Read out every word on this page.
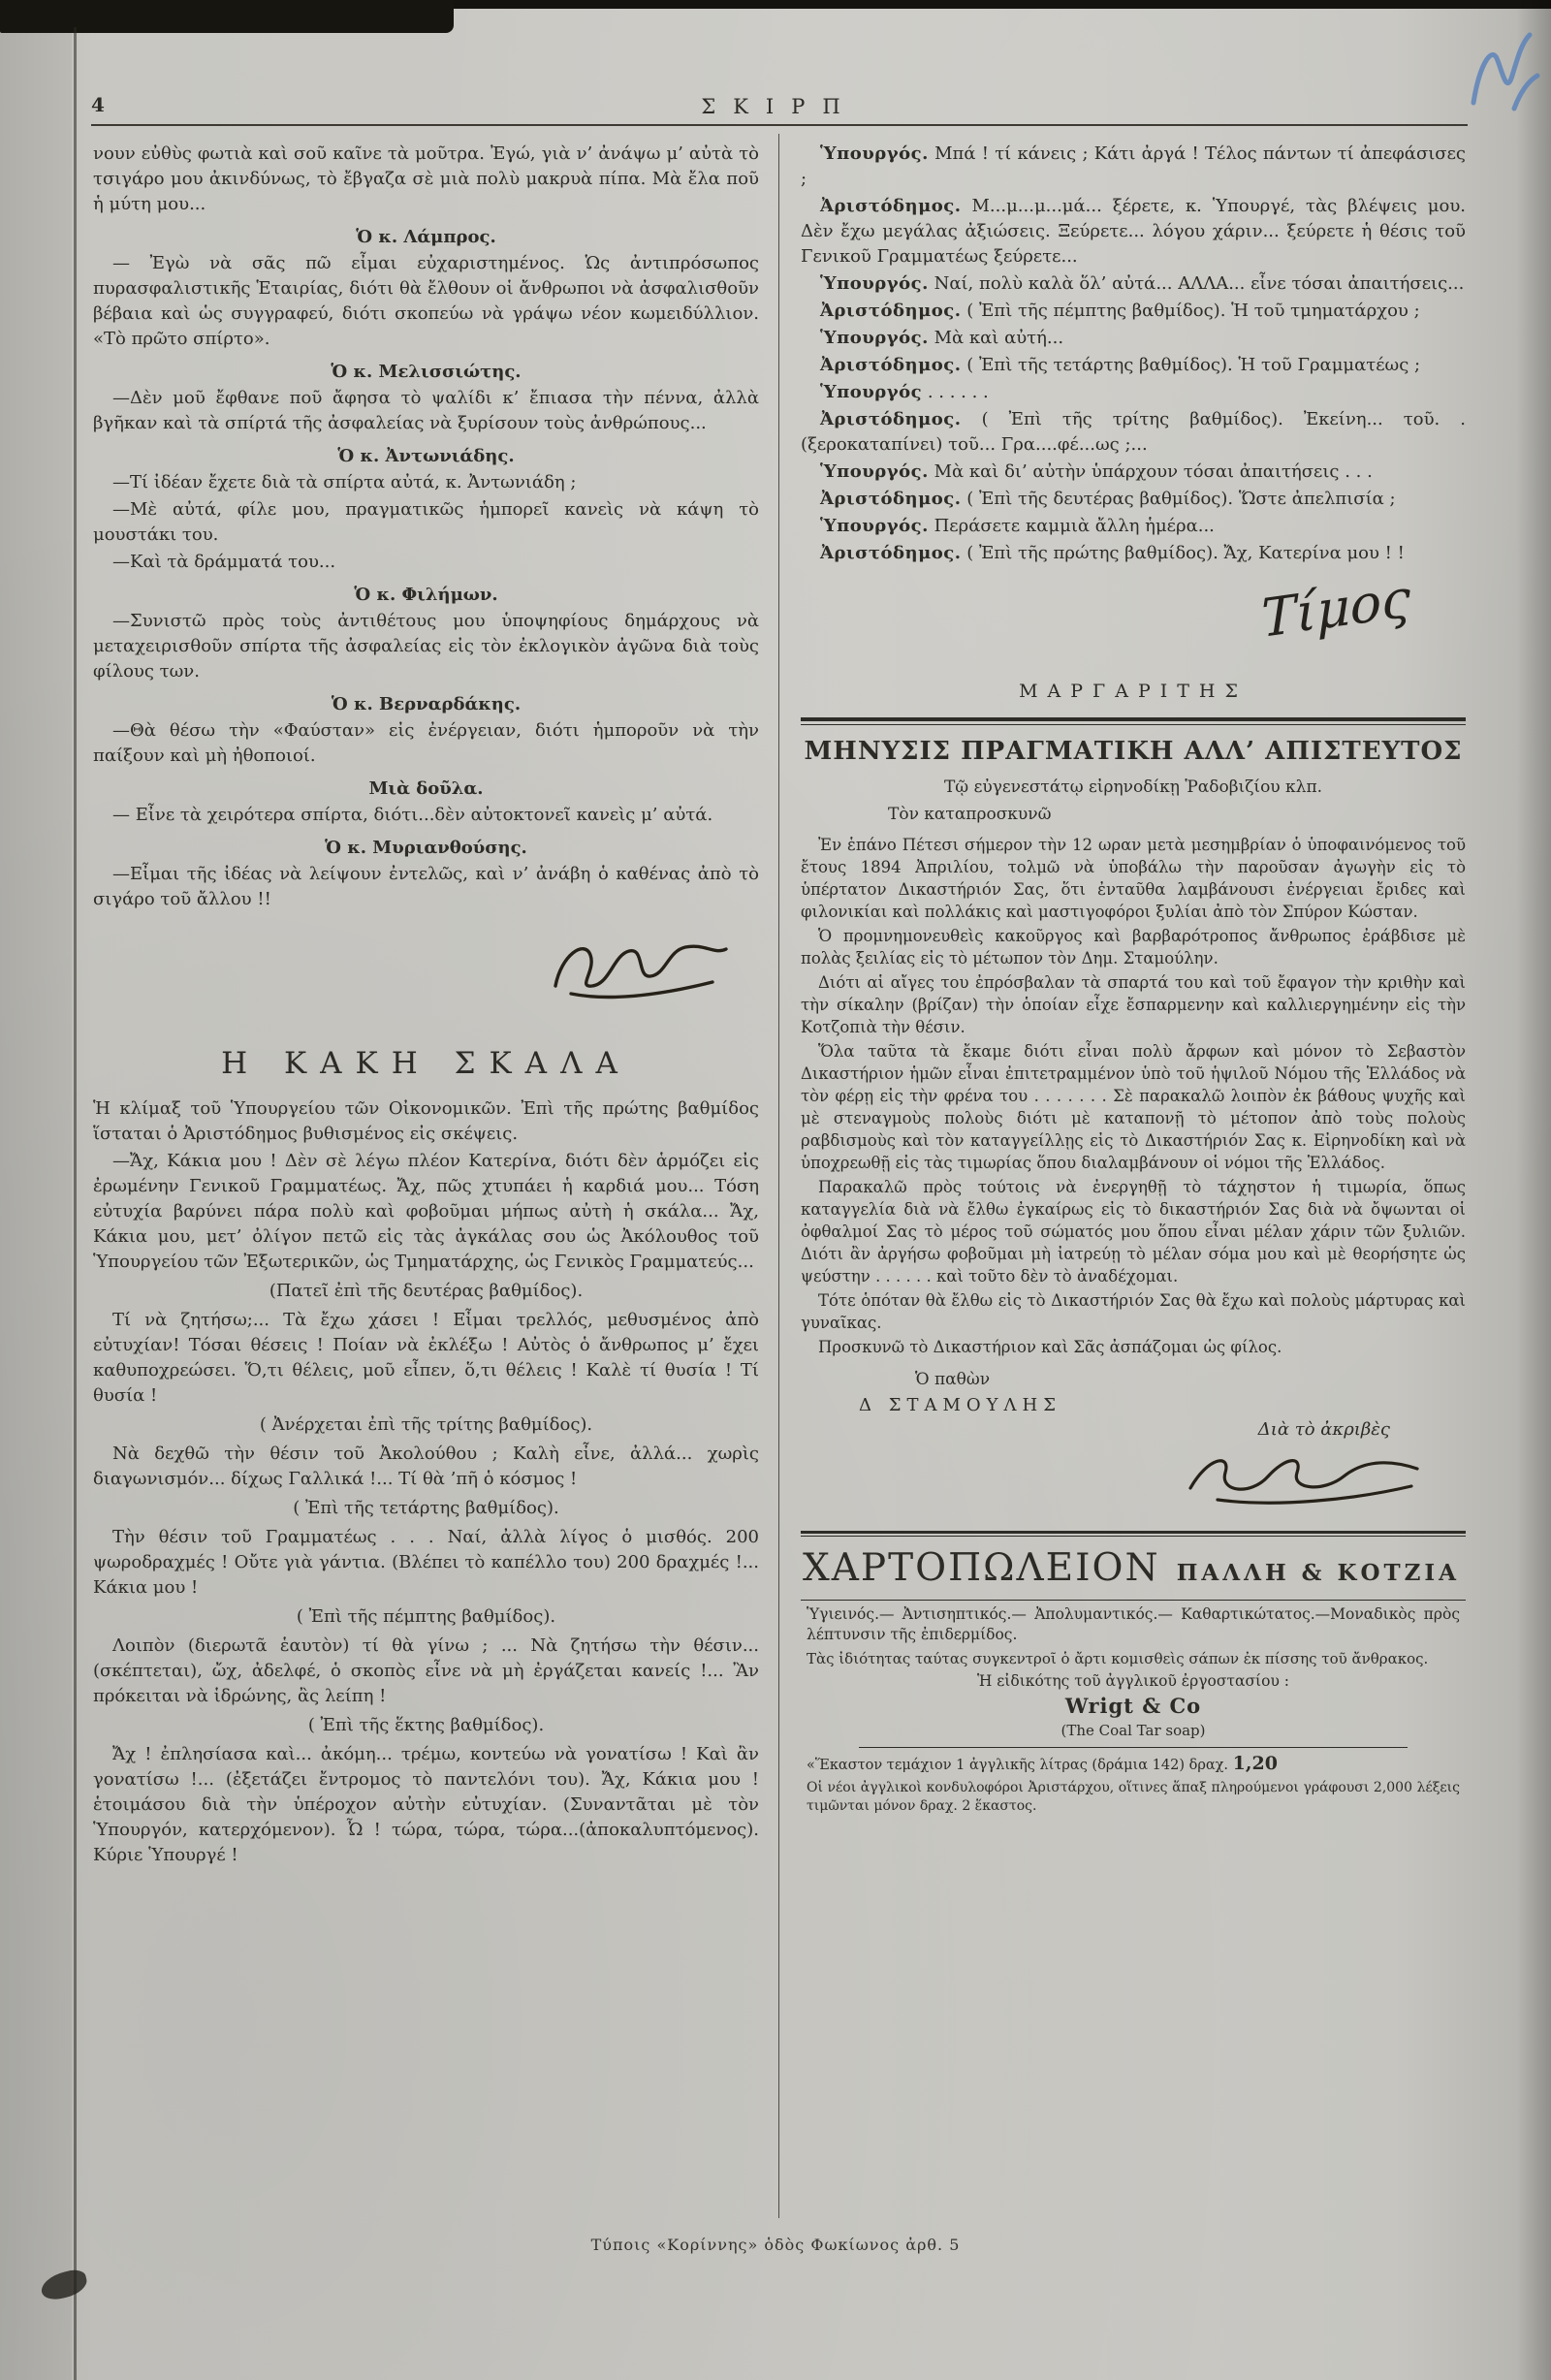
4	ΣΚΙΡΠ

νουν εὐθὺς φωτιὰ καὶ σοῦ καῖνε τὰ μοῦτρα. Ἐγώ, γιὰ ν’ ἀνάψω μ’ αὐτὰ τὸ τσιγάρο μου ἀκινδύνως, τὸ ἔβγαζα σὲ μιὰ πολὺ μακρυὰ πίπα. Μὰ ἔλα ποῦ ἡ μύτη μου...

Ὁ κ. Λάμπρος.

— Ἐγὼ νὰ σᾶς πῶ εἶμαι εὐχαριστημένος. Ὡς ἀντιπρόσωπος πυρασφαλιστικῆς Ἑταιρίας, διότι θὰ ἔλθουν οἱ ἄνθρωποι νὰ ἀσφαλισθοῦν βέβαια καὶ ὡς συγγραφεύ, διότι σκοπεύω νὰ γράψω νέον κωμειδύλλιον. «Τὸ πρῶτο σπίρτο».

Ὁ κ. Μελισσιώτης.

—Δὲν μοῦ ἔφθανε ποῦ ἄφησα τὸ ψαλίδι κ’ ἔπιασα τὴν πέννα, ἀλλὰ βγῆκαν καὶ τὰ σπίρτά τῆς ἀσφαλείας νὰ ξυρίσουν τοὺς ἀνθρώπους...

Ὁ κ. Ἀντωνιάδης.

—Τί ἰδέαν ἔχετε διὰ τὰ σπίρτα αὐτά, κ. Ἀντωνιάδη ;

—Μὲ αὐτά, φίλε μου, πραγματικῶς ἡμπορεῖ κανεὶς νὰ κάψη τὸ μουστάκι του.

—Καὶ τὰ δράμματά του...

Ὁ κ. Φιλήμων.

—Συνιστῶ πρὸς τοὺς ἀντιθέτους μου ὑποψηφίους δημάρχους νὰ μεταχειρισθοῦν σπίρτα τῆς ἀσφαλείας εἰς τὸν ἐκλογικὸν ἀγῶνα διὰ τοὺς φίλους των.

Ὁ κ. Βερναρδάκης.

—Θὰ θέσω τὴν «Φαύσταν» εἰς ἐνέργειαν, διότι ἡμποροῦν νὰ τὴν παίξουν καὶ μὴ ἠθοποιοί.

Μιὰ δοῦλα.

— Εἶνε τὰ χειρότερα σπίρτα, διότι...δὲν αὐτοκτονεῖ κανεὶς μ’ αὐτά.

Ὁ κ. Μυριανθούσης.

—Εἶμαι τῆς ἰδέας νὰ λείψουν ἐντελῶς, καὶ ν’ ἀνάβη ὁ καθένας ἀπὸ τὸ σιγάρο τοῦ ἄλλου !!

Η ΚΑΚΗ ΣΚΑΛΑ

Ἡ κλίμαξ τοῦ Ὑπουργείου τῶν Οἰκονομικῶν. Ἐπὶ τῆς πρώτης βαθμίδος ἵσταται ὁ Ἀριστόδημος βυθισμένος εἰς σκέψεις.

—Ἄχ, Κάκια μου ! Δὲν σὲ λέγω πλέον Κατερίνα, διότι δὲν ἁρμόζει εἰς ἐρωμένην Γενικοῦ Γραμματέως. Ἄχ, πῶς χτυπάει ἡ καρδιά μου... Τόση εὐτυχία βαρύνει πάρα πολὺ καὶ φοβοῦμαι μήπως αὐτὴ ἡ σκάλα... Ἄχ, Κάκια μου, μετ’ ὀλίγον πετῶ εἰς τὰς ἀγκάλας σου ὡς Ἀκόλουθος τοῦ Ὑπουργείου τῶν Ἐξωτερικῶν, ὡς Τμηματάρχης, ὡς Γενικὸς Γραμματεύς...

(Πατεῖ ἐπὶ τῆς δευτέρας βαθμίδος).

Τί νὰ ζητήσω;... Τὰ ἔχω χάσει ! Εἶμαι τρελλός, μεθυσμένος ἀπὸ εὐτυχίαν! Τόσαι θέσεις ! Ποίαν νὰ ἐκλέξω ! Αὐτὸς ὁ ἄνθρωπος μ’ ἔχει καθυποχρεώσει. Ὅ,τι θέλεις, μοῦ εἶπεν, ὅ,τι θέλεις ! Καλὲ τί θυσία ! Τί θυσία !

( Ἀνέρχεται ἐπὶ τῆς τρίτης βαθμίδος).

Νὰ δεχθῶ τὴν θέσιν τοῦ Ἀκολούθου ; Καλὴ εἶνε, ἀλλά... χωρὶς διαγωνισμόν... δίχως Γαλλικά !... Τί θὰ ’πῆ ὁ κόσμος !

( Ἐπὶ τῆς τετάρτης βαθμίδος).

Τὴν θέσιν τοῦ Γραμματέως . . . Ναί, ἀλλὰ λίγος ὁ μισθός. 200 ψωροδραχμές ! Οὔτε γιὰ γάντια. (Βλέπει τὸ καπέλλο του) 200 δραχμές !... Κάκια μου !

( Ἐπὶ τῆς πέμπτης βαθμίδος).

Λοιπὸν (διερωτᾶ ἑαυτὸν) τί θὰ γίνω ; ... Νὰ ζητήσω τὴν θέσιν... (σκέπτεται), ὤχ, ἀδελφέ, ὁ σκοπὸς εἶνε νὰ μὴ ἐργάζεται κανείς !... Ἂν πρόκειται νὰ ἱδρώνης, ἂς λείπη !

( Ἐπὶ τῆς ἕκτης βαθμίδος).

Ἄχ ! ἐπλησίασα καὶ... ἀκόμη... τρέμω, κοντεύω νὰ γονατίσω ! Καὶ ἂν γονατίσω !... (ἐξετάζει ἔντρομος τὸ παντελόνι του). Ἄχ, Κάκια μου ! ἑτοιμάσου διὰ τὴν ὑπέροχον αὐτὴν εὐτυχίαν. (Συναντᾶται μὲ τὸν Ὑπουργόν, κατερχόμενον). Ὦ ! τώρα, τώρα, τώρα...(ἀποκαλυπτόμενος). Κύριε Ὑπουργέ !

Ὑπουργός. Μπά ! τί κάνεις ; Κάτι ἀργά ! Τέλος πάντων τί ἀπεφάσισες ;

Ἀριστόδημος. Μ...μ...μ...μά... ξέρετε, κ. Ὑπουργέ, τὰς βλέψεις μου. Δὲν ἔχω μεγάλας ἀξιώσεις. Ξεύρετε... λόγου χάριν... ξεύρετε ἡ θέσις τοῦ Γενικοῦ Γραμματέως ξεύρετε...

Ὑπουργός. Ναί, πολὺ καλὰ ὅλ’ αὐτά... ΑΛΛΑ... εἶνε τόσαι ἀπαιτήσεις...

Ἀριστόδημος. ( Ἐπὶ τῆς πέμπτης βαθμίδος). Ἡ τοῦ τμηματάρχου ;

Ὑπουργός. Μὰ καὶ αὐτή...

Ἀριστόδημος. ( Ἐπὶ τῆς τετάρτης βαθμίδος). Ἡ τοῦ Γραμματέως ;

Ὑπουργός . . . . . .

Ἀριστόδημος. ( Ἐπὶ τῆς τρίτης βαθμίδος). Ἐκείνη... τοῦ. .(ξεροκαταπίνει) τοῦ... Γρα....φέ...ως ;...

Ὑπουργός. Μὰ καὶ δι’ αὐτὴν ὑπάρχουν τόσαι ἀπαιτήσεις . . .

Ἀριστόδημος. ( Ἐπὶ τῆς δευτέρας βαθμίδος). Ὥστε ἀπελπισία ;

Ὑπουργός. Περάσετε καμμιὰ ἄλλη ἡμέρα...

Ἀριστόδημος. ( Ἐπὶ τῆς πρώτης βαθμίδος). Ἄχ, Κατερίνα μου ! !

Τίμος
ΜΑΡΓΑΡΙΤΗΣ
ΜΗΝΥΣΙΣ ΠΡΑΓΜΑΤΙΚΗ ΑΛΛ’ ΑΠΙΣΤΕΥΤΟΣ

Τῷ εὐγενεστάτῳ εἰρηνοδίκῃ Ῥαδοβιζίου κλπ.

Τὸν καταπροσκυνῶ

Ἐν ἑπάνο Πέτεσι σήμερον τὴν 12 ωραν μετὰ μεσημβρίαν ὁ ὑποφαινόμενος τοῦ ἔτους 1894 Ἀπριλίου, τολμῶ νὰ ὑποβάλω τὴν παροῦσαν ἀγωγὴν εἰς τὸ ὑπέρτατον Δικαστήριόν Σας, ὅτι ἐνταῦθα λαμβάνουσι ἐνέργειαι ἔριδες καὶ φιλονικίαι καὶ πολλάκις καὶ μαστιγοφόροι ξυλίαι ἀπὸ τὸν Σπύρον Κώσταν.

Ὁ προμνημονευθεὶς κακοῦργος καὶ βαρβαρότροπος ἄνθρωπος ἐράβδισε μὲ πολὰς ξειλίας εἰς τὸ μέτωπον τὸν Δημ. Σταμούλην.

Διότι αἱ αἴγες του ἐπρόσβαλαν τὰ σπαρτά του καὶ τοῦ ἔφαγον τὴν κριθὴν καὶ τὴν σίκαλην (βρίζαν) τὴν ὁποίαν εἶχε ἔσπαρμενην καὶ καλλιεργημένην εἰς τὴν Κοτζοπιὰ τὴν θέσιν.

Ὅλα ταῦτα τὰ ἔκαμε διότι εἶναι πολὺ ἄρφων καὶ μόνον τὸ Σεβαστὸν Δικαστήριον ἡμῶν εἶναι ἐπιτετραμμένον ὑπὸ τοῦ ἡψιλοῦ Νόμου τῆς Ἑλλάδος νὰ τὸν φέρῃ εἰς τὴν φρένα του . . . . . . . Σὲ παρακαλῶ λοιπὸν ἐκ βάθους ψυχῆς καὶ μὲ στεναγμοὺς πολοὺς διότι μὲ καταπονῇ τὸ μέτοπον ἀπὸ τοὺς πολοὺς ραβδισμοὺς καὶ τὸν καταγγείλλῃς εἰς τὸ Δικαστήριόν Σας κ. Εἰρηνοδίκη καὶ νὰ ὑποχρεωθῇ εἰς τὰς τιμωρίας ὅπου διαλαμβάνουν οἱ νόμοι τῆς Ἑλλάδος.

Παρακαλῶ πρὸς τούτοις νὰ ἐνεργηθῇ τὸ τάχηστον ἡ τιμωρία, ὅπως καταγγελία διὰ νὰ ἔλθω ἐγκαίρως εἰς τὸ δικαστήριόν Σας διὰ νὰ ὄψωνται οἱ ὀφθαλμοί Σας τὸ μέρος τοῦ σώματός μου ὅπου εἶναι μέλαν χάριν τῶν ξυλιῶν. Διότι ἂν ἀργήσω φοβοῦμαι μὴ ἰατρεύῃ τὸ μέλαν σόμα μου καὶ μὲ θεορήσητε ὡς ψεύστην . . . . . . καὶ τοῦτο δὲν τὸ ἀναδέχομαι.

Τότε ὁπόταν θὰ ἔλθω εἰς τὸ Δικαστήριόν Σας θὰ ἔχω καὶ πολοὺς μάρτυρας καὶ γυναῖκας.

Προσκυνῶ τὸ Δικαστήριον καὶ Σᾶς ἀσπάζομαι ὡς φίλος.

Ὁ παθὼν

Δ ΣΤΑΜΟΥΛΗΣ

Διὰ τὸ ἀκριβὲς

ΧΑΡΤΟΠΩΛΕΙΟΝ ΠΑΛΛΗ & ΚΟΤΖΙΑ

Ὑγιεινός.— Ἀντισηπτικός.— Ἀπολυμαντικός.— Καθαρτικώτατος.—Μοναδικὸς πρὸς λέπτυνσιν τῆς ἐπιδερμίδος.

Τὰς ἰδιότητας ταύτας συγκεντροῖ ὁ ἄρτι κομισθεὶς σάπων ἐκ πίσσης τοῦ ἄνθρακος.

Ἡ εἰδικότης τοῦ ἀγγλικοῦ ἐργοστασίου :

Wrigt & Cο

(The Coal Tar soap)

«Ἕκαστον τεμάχιον 1 ἀγγλικῆς λίτρας (δράμια 142) δραχ. 1,20

Οἱ νέοι ἀγγλικοὶ κονδυλοφόροι Ἀριστάρχου, οἵτινες ἅπαξ πληρούμενοι γράφουσι 2,000 λέξεις τιμῶνται μόνον δραχ. 2 ἕκαστος.

Τύποις «Κορίννης» ὁδὸς Φωκίωνος ἀρθ. 5
